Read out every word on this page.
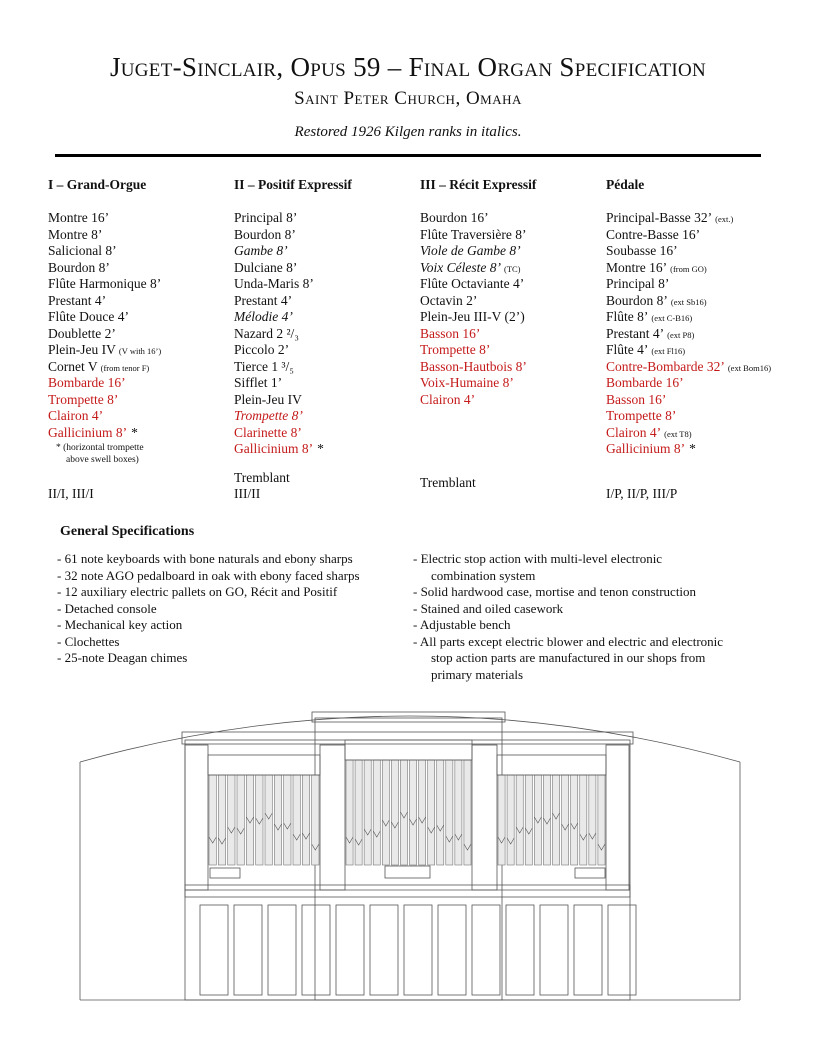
Juget-Sinclair, Opus 59 – Final Organ Specification
Saint Peter Church, Omaha
Restored 1926 Kilgen ranks in italics.
I – Grand-Orgue
Montre 16’
Montre 8’
Salicional 8’
Bourdon 8’
Flûte Harmonique 8’
Prestant 4’
Flûte Douce 4’
Doublette 2’
Plein-Jeu IV (V with 16’)
Cornet V (from tenor F)
Bombarde 16’
Trompette 8’
Clairon 4’
Gallicinium 8’ *
* (horizontal trompette
above swell boxes)
II – Positif Expressif
Principal 8’
Bourdon 8’
Gambe 8’
Dulciane 8’
Unda-Maris 8’
Prestant 4’
Mélodie 4’
Nazard 2 ²/₃
Piccolo 2’
Tierce 1 ³/₅
Sifflet 1’
Plein-Jeu IV
Trompette 8’
Clarinette 8’
Gallicinium 8’ *
III – Récit Expressif
Bourdon 16’
Flûte Traversière 8’
Viole de Gambe 8’
Voix Céleste 8’ (TC)
Flûte Octaviante 4’
Octavin 2’
Plein-Jeu III-V (2’)
Basson 16’
Trompette 8’
Basson-Hautbois 8’
Voix-Humaine 8’
Clairon 4’
Pédale
Principal-Basse 32’ (ext.)
Contre-Basse 16’
Soubasse 16’
Montre 16’ (from GO)
Principal 8’
Bourdon 8’ (ext Sb16)
Flûte 8’ (ext C-B16)
Prestant 4’ (ext P8)
Flûte 4’ (ext Fl16)
Contre-Bombarde 32’ (ext Bom16)
Bombarde 16’
Basson 16’
Trompette 8’
Clairon 4’ (ext T8)
Gallicinium 8’ *
General Specifications
- 61 note keyboards with bone naturals and ebony sharps
- 32 note AGO pedalboard in oak with ebony faced sharps
- 12 auxiliary electric pallets on GO, Récit and Positif
- Detached console
- Mechanical key action
- Clochettes
- 25-note Deagan chimes
- Electric stop action with multi-level electronic
combination system
- Solid hardwood case, mortise and tenon construction
- Stained and oiled casework
- Adjustable bench
- All parts except electric blower and electric and electronic
stop action parts are manufactured in our shops from
primary materials
II/I, III/I
Tremblant
III/II
Tremblant
I/P, II/P, III/P
